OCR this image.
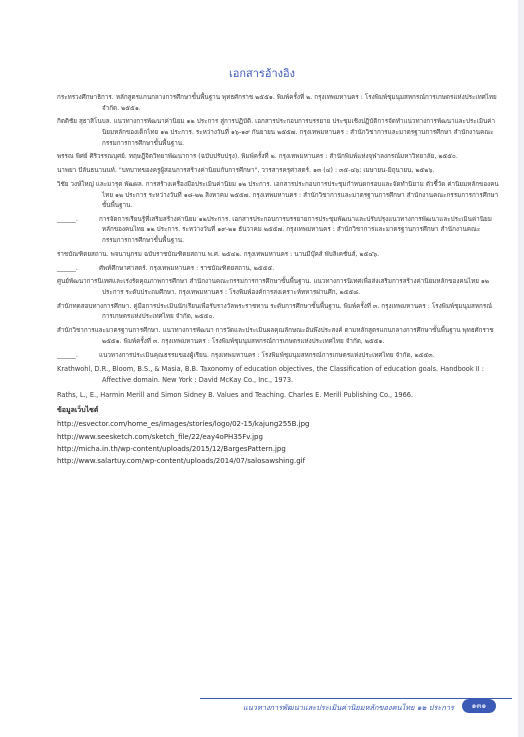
เอกสารอ้างอิง
กระทรวงศึกษาธิการ. หลักสูตรแกนกลางการศึกษาขั้นพื้นฐาน พุทธศักราช ๒๕๕๑. พิมพ์ครั้งที่ ๒. กรุงเทพมหานคร : โรงพิมพ์ชุมนุมสหกรณ์การเกษตรแห่งประเทศไทย จำกัด. ๒๕๕๑.
กิตติชัย สุธาสิโนบล. แนวทางการพัฒนาค่านิยม ๑๒ ประการ สู่การปฏิบัติ. เอกสารประกอบการบรรยาย ประชุมเชิงปฏิบัติการจัดทำแนวทางการพัฒนาและประเมินค่านิยมหลักของเด็กไทย ๑๒ ประการ. ระหว่างวันที่ ๑๖-๑๙ กันยายน ๒๕๕๗. กรุงเทพมหานคร : สำนักวิชาการและมาตรฐานการศึกษา สำนักงานคณะกรรมการการศึกษาขั้นพื้นฐาน.
พรรณ พิศย์ ศิริวรรณบุศย์. ทฤษฎีจิตวิทยาพัฒนาการ (ฉบับปรับปรุง). พิมพ์ครั้งที่ ๒. กรุงเทพมหานคร : สำนักพิมพ์แห่งจุฬาลงกรณ์มหาวิทยาลัย, ๒๕๕๐.
นาพยา ปัลันธนานนท์. "บทบาทของครูผู้สอนการสร้างค่านิยมกับการศึกษา", วารสารครุศาสตร์. ๑๓ (๔) : ๓๕-๔๖; เมษายน-มิถุนายน, ๒๕๒๖.
วิชัย วงษ์ใหญ่ และมารุต พัฒผล. การสร้างเครื่องมือประเมินค่านิยม ๑๒ ประการ. เอกสารประกอบการประชุมกำหนดกรอบและจัดทำนิยาม ตัวชี้วัด ค่านิยมหลักของคนไทย ๑๒ ประการ ระหว่างวันที่ ๑๘-๒๒ สิงหาคม ๒๕๕๗. กรุงเทพมหานคร : สำนักวิชาการและมาตรฐานการศึกษา สำนักงานคณะกรรมการการศึกษาขั้นพื้นฐาน.
______.	การจัดการเรียนรู้ที่เสริมสร้างค่านิยม ๑๒ประการ. เอกสารประกอบการบรรยายการประชุมพัฒนาและปรับปรุงแนวทางการพัฒนาและประเมินค่านิยมหลักของคนไทย ๑๒ ประการ. ระหว่างวันที่ ๑๙-๒๑ ธันวาคม ๒๕๕๗. กรุงเทพมหานคร : สำนักวิชาการและมาตรฐานการศึกษา สำนักงานคณะกรรมการการศึกษาขั้นพื้นฐาน.
ราชบัณฑิตยสถาน. พจนานุกรม ฉบับราชบัณฑิตยสถาน พ.ศ. ๒๕๔๒. กรุงเทพมหานคร : นานมีบุ๊คส์ พับลิเคชั่นส์, ๒๕๔๖.
______.	ศัพท์ศึกษาศาสตร์. กรุงเทพมหานคร : ราชบัณฑิตยสถาน, ๒๕๕๕.
ศูนย์พัฒนาการนิเทศและเร่งรัดคุณภาพการศึกษา สำนักงานคณะกรรมการการศึกษาขั้นพื้นฐาน. แนวทางการนิเทศเพื่อส่งเสริมการสร้างค่านิยมหลักของคนไทย ๑๒ ประการ ระดับประถมศึกษา. กรุงเทพมหานคร : โรงพิมพ์องค์การสงเคราะห์ทหารผ่านศึก, ๒๕๕๘.
สำนักทดสอบทางการศึกษา. คู่มือการประเมินนักเรียนเพื่อรับรางวัลพระราชทาน ระดับการศึกษาขั้นพื้นฐาน. พิมพ์ครั้งที่ ๓. กรุงเทพมหานคร : โรงพิมพ์ชุมนุมสหกรณ์การเกษตรแห่งประเทศไทย จำกัด, ๒๕๕๐.
สำนักวิชาการและมาตรฐานการศึกษา. แนวทางการพัฒนา การวัดและประเมินผลคุณลักษณะอันพึงประสงค์ ตามหลักสูตรแกนกลางการศึกษาขั้นพื้นฐาน พุทธศักราช ๒๕๕๑. พิมพ์ครั้งที่ ๓. กรุงเทพมหานคร : โรงพิมพ์ชุมนุมสหกรณ์การเกษตรแห่งประเทศไทย จำกัด, ๒๕๕๑.
______.	แนวทางการประเมินคุณธรรมของผู้เรียน. กรุงเทพมหานคร : โรงพิมพ์ชุมนุมสหกรณ์การเกษตรแห่งประเทศไทย จำกัด, ๒๕๕๓.
Krathwohl, D.R., Bloom, B.S., & Masia, B.B. Taxonomy of education objectives, the Classification of education goals. Handbook II : Affective domain. New York : David McKay Co., Inc., 1973.
Raths, L., E., Harmin Merill and Simon Sidney B. Values and Teaching. Charles E. Merill Publishing Co., 1966.
ข้อมูลเว็บไซต์
http://esvector.com/home_es/images/stories/logo/02-15/kajung255B.jpg
http://www.seesketch.com/sketch_file/22/eay4oPH35Fv.jpg
http://micha.in.th/wp-content/uploads/2015/12/BargesPattern.jpg
http://www.salartuy.com/wp-content/uploads/2014/07/salosawshing.gif
แนวทางการพัฒนาและประเมินค่านิยมหลักของคนไทย ๑๒ ประการ	๑๓๑
